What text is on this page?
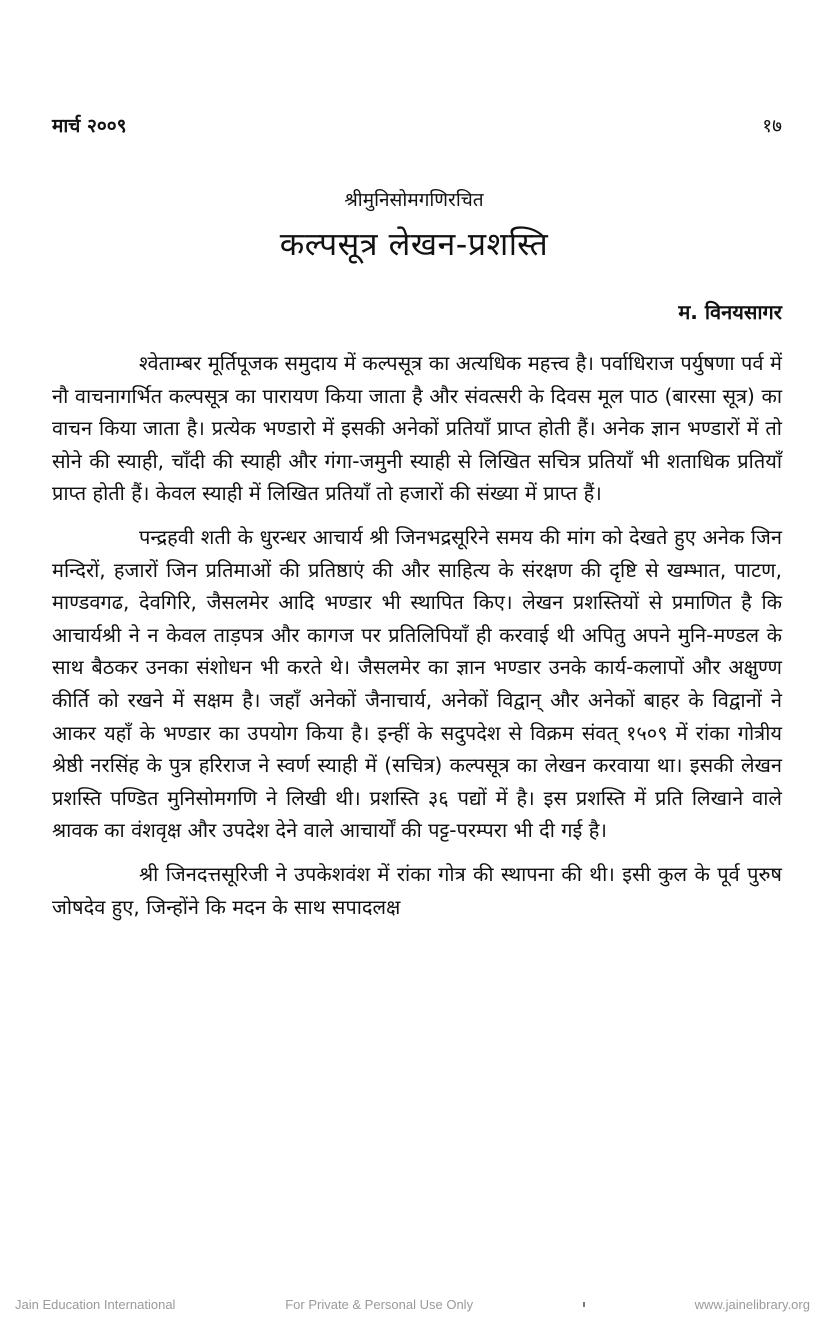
मार्च २००९	१७
श्रीमुनिसोमगणिरचित
कल्पसूत्र लेखन-प्रशस्ति
म. विनयसागर

श्वेताम्बर मूर्तिपूजक समुदाय में कल्पसूत्र का अत्यधिक महत्त्व है। पर्वाधिराज पर्युषणा पर्व में नौ वाचनागर्भित कल्पसूत्र का पारायण किया जाता है और संवत्सरी के दिवस मूल पाठ (बारसा सूत्र) का वाचन किया जाता है। प्रत्येक भण्डारो में इसकी अनेकों प्रतियाँ प्राप्त होती हैं। अनेक ज्ञान भण्डारों में तो सोने की स्याही, चाँदी की स्याही और गंगा-जमुनी स्याही से लिखित सचित्र प्रतियाँ भी शताधिक प्रतियाँ प्राप्त होती हैं। केवल स्याही में लिखित प्रतियाँ तो हजारों की संख्या में प्राप्त हैं।

पन्द्रहवी शती के धुरन्धर आचार्य श्री जिनभद्रसूरिने समय की मांग को देखते हुए अनेक जिन मन्दिरों, हजारों जिन प्रतिमाओं की प्रतिष्ठाएं की और साहित्य के संरक्षण की दृष्टि से खम्भात, पाटण, माण्डवगढ, देवगिरि, जैसलमेर आदि भण्डार भी स्थापित किए। लेखन प्रशस्तियों से प्रमाणित है कि आचार्यश्री ने न केवल ताड़पत्र और कागज पर प्रतिलिपियाँ ही करवाई थी अपितु अपने मुनि-मण्डल के साथ बैठकर उनका संशोधन भी करते थे। जैसलमेर का ज्ञान भण्डार उनके कार्य-कलापों और अक्षुण्ण कीर्ति को रखने में सक्षम है। जहाँ अनेकों जैनाचार्य, अनेकों विद्वान् और अनेकों बाहर के विद्वानों ने आकर यहाँ के भण्डार का उपयोग किया है। इन्हीं के सदुपदेश से विक्रम संवत् १५०९ में रांका गोत्रीय श्रेष्ठी नरसिंह के पुत्र हरिराज ने स्वर्ण स्याही में (सचित्र) कल्पसूत्र का लेखन करवाया था। इसकी लेखन प्रशस्ति पण्डित मुनिसोमगणि ने लिखी थी। प्रशस्ति ३६ पद्यों में है। इस प्रशस्ति में प्रति लिखाने वाले श्रावक का वंशवृक्ष और उपदेश देने वाले आचार्यों की पट्ट-परम्परा भी दी गई है।

श्री जिनदत्तसूरिजी ने उपकेशवंश में रांका गोत्र की स्थापना की थी। इसी कुल के पूर्व पुरुष जोषदेव हुए, जिन्होंने कि मदन के साथ सपादलक्ष

Jain Education International	For Private & Personal Use Only	www.jainelibrary.org
